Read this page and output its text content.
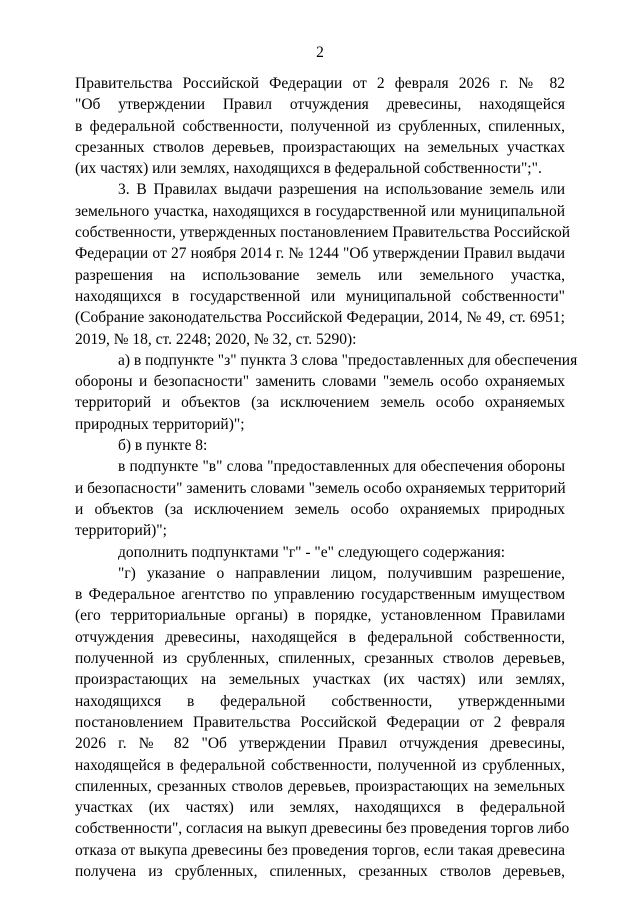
2
Правительства Российской Федерации от 2 февраля 2026 г. № 82
"Об утверждении Правил отчуждения древесины, находящейся
в федеральной собственности, полученной из срубленных, спиленных,
срезанных стволов деревьев, произрастающих на земельных участках
(их частях) или землях, находящихся в федеральной собственности";".
3. В Правилах выдачи разрешения на использование земель или
земельного участка, находящихся в государственной или муниципальной
собственности, утвержденных постановлением Правительства Российской
Федерации от 27 ноября 2014 г. № 1244 "Об утверждении Правил выдачи
разрешения на использование земель или земельного участка,
находящихся в государственной или муниципальной собственности"
(Собрание законодательства Российской Федерации, 2014, № 49, ст. 6951;
2019, № 18, ст. 2248; 2020, № 32, ст. 5290):
а) в подпункте "з" пункта 3 слова "предоставленных для обеспечения
обороны и безопасности" заменить словами "земель особо охраняемых
территорий и объектов (за исключением земель особо охраняемых
природных территорий)";
б) в пункте 8:
в подпункте "в" слова "предоставленных для обеспечения обороны
и безопасности" заменить словами "земель особо охраняемых территорий
и объектов (за исключением земель особо охраняемых природных
территорий)";
дополнить подпунктами "г" - "е" следующего содержания:
"г) указание о направлении лицом, получившим разрешение,
в Федеральное агентство по управлению государственным имуществом
(его территориальные органы) в порядке, установленном Правилами
отчуждения древесины, находящейся в федеральной собственности,
полученной из срубленных, спиленных, срезанных стволов деревьев,
произрастающих на земельных участках (их частях) или землях,
находящихся в федеральной собственности, утвержденными
постановлением Правительства Российской Федерации от 2 февраля
2026 г. № 82 "Об утверждении Правил отчуждения древесины,
находящейся в федеральной собственности, полученной из срубленных,
спиленных, срезанных стволов деревьев, произрастающих на земельных
участках (их частях) или землях, находящихся в федеральной
собственности", согласия на выкуп древесины без проведения торгов либо
отказа от выкупа древесины без проведения торгов, если такая древесина
получена из срубленных, спиленных, срезанных стволов деревьев,
